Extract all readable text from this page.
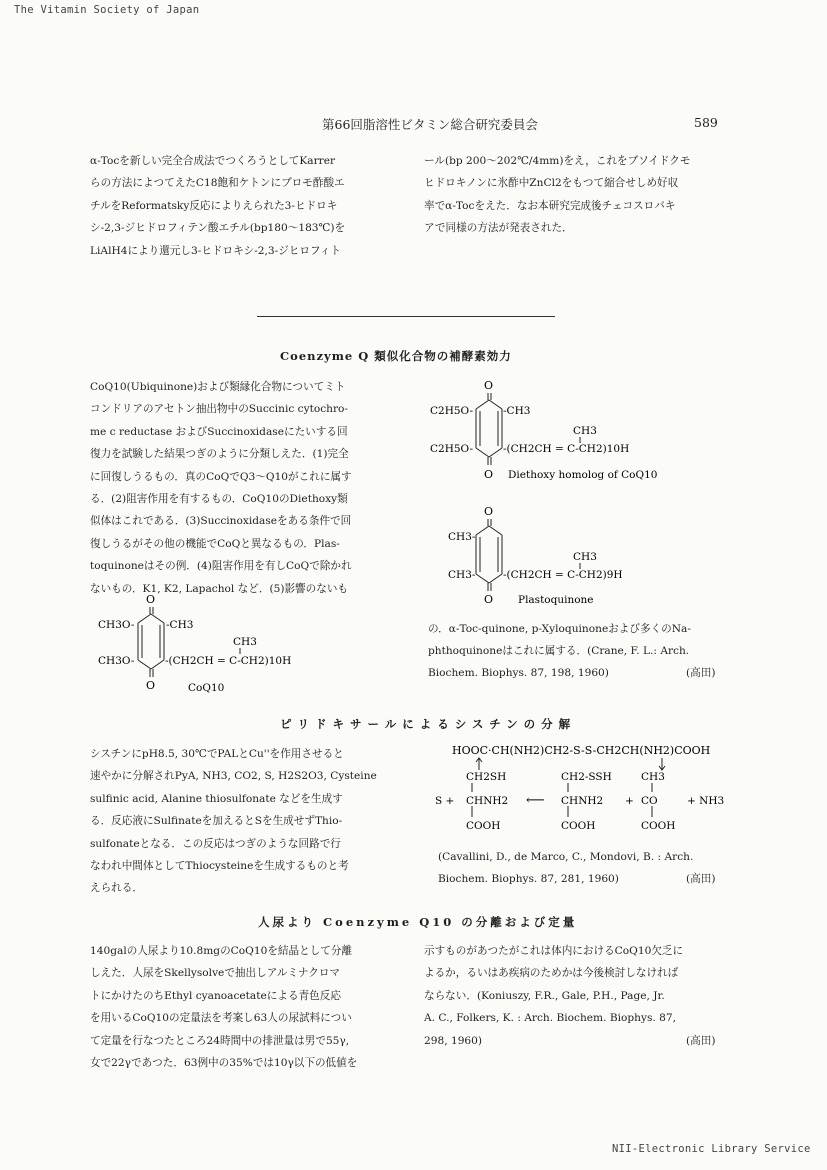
The Vitamin Society of Japan
第66回脂溶性ビタミン総合研究委員会	589
α-Tocを新しい完全合成法でつくろうとしてKarrer
らの方法によつてえたC18飽和ケトンにブロモ酢酸エ
チルをReformatsky反応によりえられた3-ヒドロキ
シ-2,3-ジヒドロフィテン酸エチル(bp180～183℃)を
LiAlH4により還元し3-ヒドロキシ-2,3-ジヒロフィト
ール(bp 200～202℃/4mm)をえ，これをブソイドクモ
ヒドロキノンに氷酢中ZnCl2をもつて縮合せしめ好収
率でα-Tocをえた．なお本研究完成後チェコスロバキ
アで同様の方法が発表された．
Coenzyme Q 類似化合物の補酵素効力
CoQ10(Ubiquinone)および類縁化合物についてミト
コンドリアのアセトン抽出物中のSuccinic cytochro-
me c reductase およびSuccinoxidaseにたいする回
復力を試験した結果つぎのように分類しえた．(1)完全
に回復しうるもの．真のCoQでQ3～Q10がこれに属す
る．(2)阻害作用を有するもの．CoQ10のDiethoxy類
似体はこれである．(3)Succinoxidaseをある条件で回
復しうるがその他の機能でCoQと異なるもの．Plas-
toquinoneはその例．(4)阻害作用を有しCoQで除かれ
ないもの．K1, K2, Lapachol など．(5)影響のないも
O
C2H5O-	-CH3
C2H5O-
CH3
-(CH2CH = C-CH2)10H
O Diethoxy homolog of CoQ10
O
CH3-
CH3-
CH3
-(CH2CH = C-CH2)9H
O Plastoquinone
O
CH3O-	-CH3
CH3O-
CH3
-(CH2CH = C-CH2)10H
O	CoQ10
の．α-Toc-quinone, p-Xyloquinoneおよび多くのNa-
phthoquinoneはこれに属する．(Crane, F. L.: Arch.
Biochem. Biophys. 87, 198, 1960)	(高田)
ピリドキサールによるシスチンの分解
シスチンにpH8.5, 30℃でPALとCu''を作用させると
速やかに分解されPyA, NH3, CO2, S, H2S2O3, Cysteine
sulfinic acid, Alanine thiosulfonate などを生成す
る．反応液にSulfinateを加えるとSを生成せずThio-
sulfonateとなる．この反応はつぎのような回路で行
なわれ中間体としてThiocysteineを生成するものと考
えられる．
HOOC·CH(NH2)CH2-S-S-CH2CH(NH2)COOH
CH2SH
CHNH2
COOH
CH2-SSH
CHNH2
COOH
CH3
CO
COOH
S +	⟵	+	+ NH3
(Cavallini, D., de Marco, C., Mondovi, B. : Arch.
Biochem. Biophys. 87, 281, 1960)	(高田)
人尿より Coenzyme Q10 の分離および定量
140galの人尿より10.8mgのCoQ10を結晶として分離
しえた．人尿をSkellysolveで抽出しアルミナクロマ
トにかけたのちEthyl cyanoacetateによる青色反応
を用いるCoQ10の定量法を考案し63人の尿試料につい
て定量を行なつたところ24時間中の排泄量は男で55γ,
女で22γであつた．63例中の35%では10γ以下の低値を
示すものがあつたがこれは体内におけるCoQ10欠乏に
よるか，るいはあ疾病のためかは今後検討しなければ
ならない．(Koniuszy, F.R., Gale, P.H., Page, Jr.
A. C., Folkers, K. : Arch. Biochem. Biophys. 87,
298, 1960)	(高田)
NII-Electronic Library Service
